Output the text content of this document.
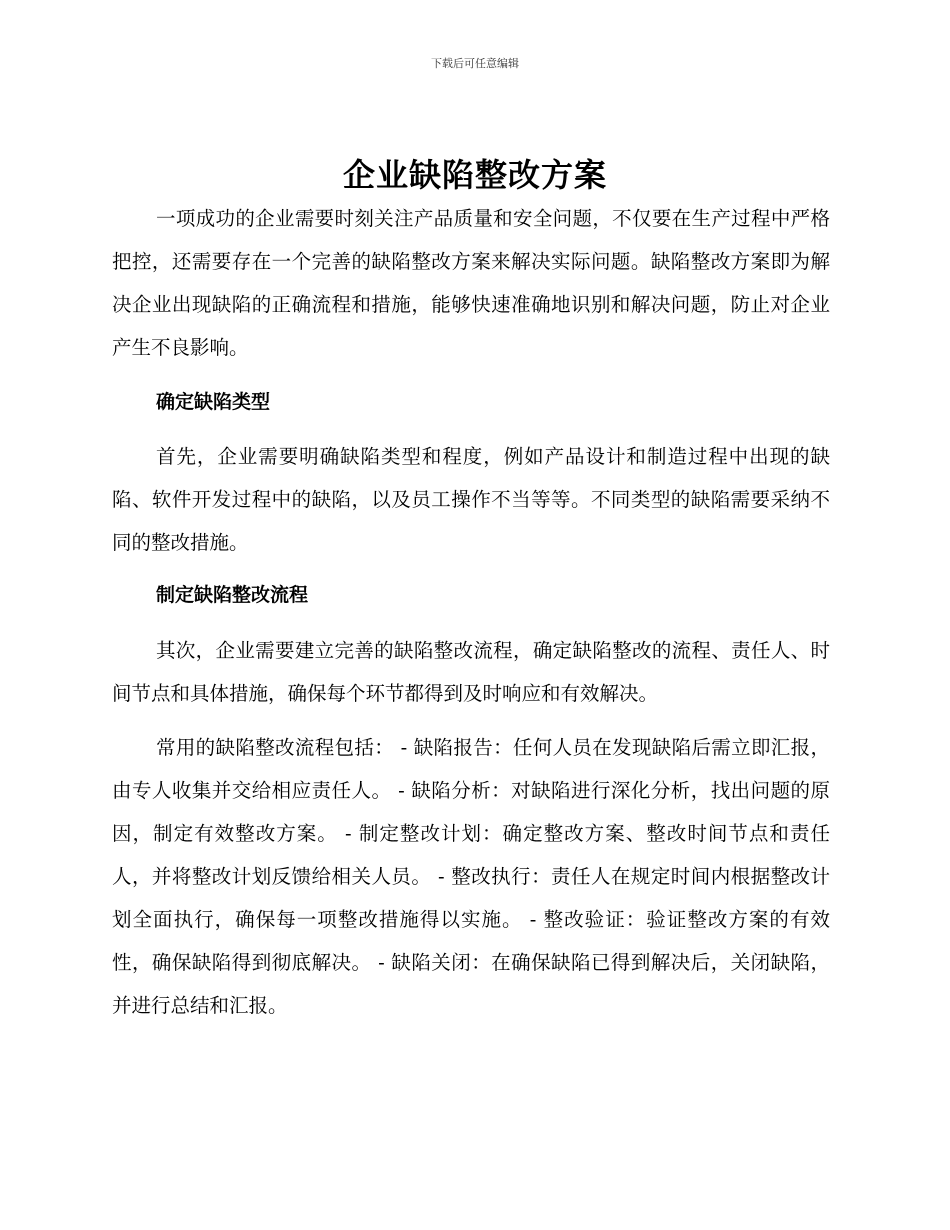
下载后可任意编辑
企业缺陷整改方案

一项成功的企业需要时刻关注产品质量和安全问题，不仅要在生产过程中严格把控，还需要存在一个完善的缺陷整改方案来解决实际问题。缺陷整改方案即为解决企业出现缺陷的正确流程和措施，能够快速准确地识别和解决问题，防止对企业产生不良影响。

确定缺陷类型

首先，企业需要明确缺陷类型和程度，例如产品设计和制造过程中出现的缺陷、软件开发过程中的缺陷，以及员工操作不当等等。不同类型的缺陷需要采纳不同的整改措施。

制定缺陷整改流程

其次，企业需要建立完善的缺陷整改流程，确定缺陷整改的流程、责任人、时间节点和具体措施，确保每个环节都得到及时响应和有效解决。

常用的缺陷整改流程包括： - 缺陷报告：任何人员在发现缺陷后需立即汇报，由专人收集并交给相应责任人。 - 缺陷分析：对缺陷进行深化分析，找出问题的原因，制定有效整改方案。 - 制定整改计划：确定整改方案、整改时间节点和责任人，并将整改计划反馈给相关人员。 - 整改执行：责任人在规定时间内根据整改计划全面执行，确保每一项整改措施得以实施。 - 整改验证：验证整改方案的有效性，确保缺陷得到彻底解决。 - 缺陷关闭：在确保缺陷已得到解决后，关闭缺陷，并进行总结和汇报。
